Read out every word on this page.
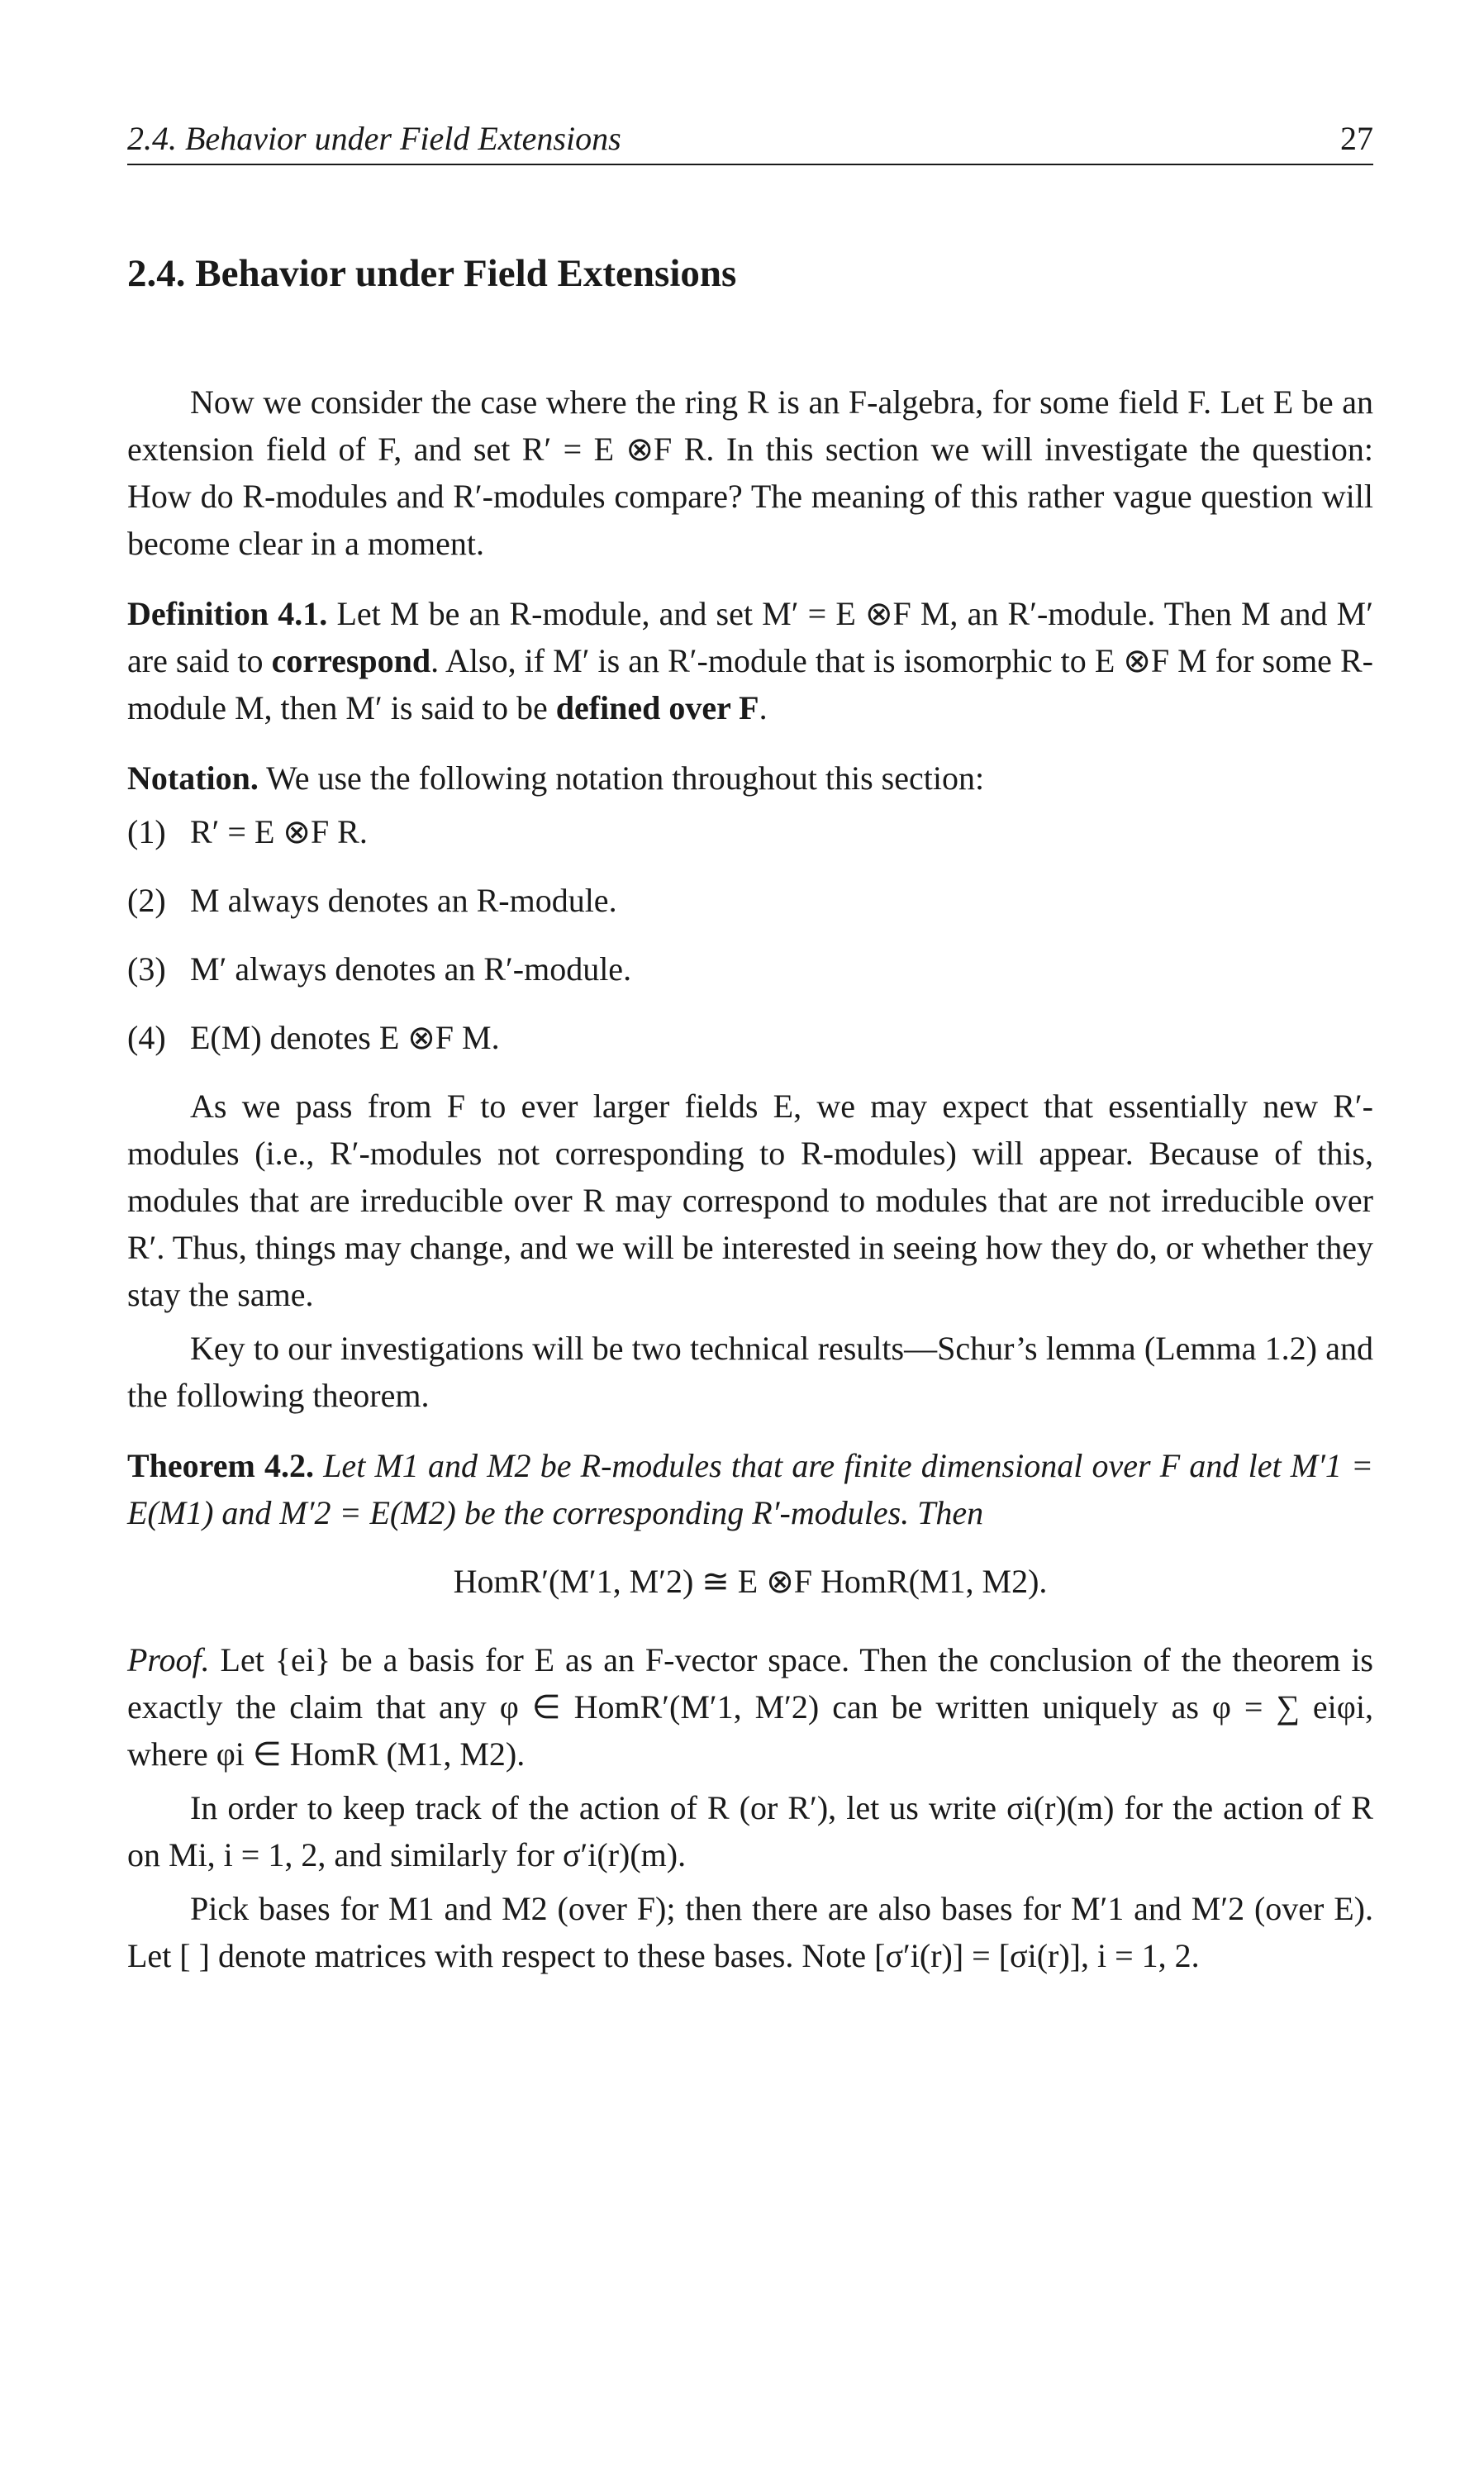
2.4. Behavior under Field Extensions	27
2.4. Behavior under Field Extensions

Now we consider the case where the ring R is an F-algebra, for some field F. Let E be an extension field of F, and set R′ = E ⊗F R. In this section we will investigate the question: How do R-modules and R′-modules compare? The meaning of this rather vague question will become clear in a moment.

Definition 4.1. Let M be an R-module, and set M′ = E ⊗F M, an R′-module. Then M and M′ are said to correspond. Also, if M′ is an R′-module that is isomorphic to E ⊗F M for some R-module M, then M′ is said to be defined over F.

Notation. We use the following notation throughout this section:

(1) R′ = E ⊗F R.
(2) M always denotes an R-module.
(3) M′ always denotes an R′-module.
(4) E(M) denotes E ⊗F M.

As we pass from F to ever larger fields E, we may expect that essentially new R′-modules (i.e., R′-modules not corresponding to R-modules) will appear. Because of this, modules that are irreducible over R may correspond to modules that are not irreducible over R′. Thus, things may change, and we will be interested in seeing how they do, or whether they stay the same.

Key to our investigations will be two technical results—Schur’s lemma (Lemma 1.2) and the following theorem.

Theorem 4.2. Let M1 and M2 be R-modules that are finite dimensional over F and let M′1 = E(M1) and M′2 = E(M2) be the corresponding R′-modules. Then

HomR′(M′1, M′2) ≅ E ⊗F HomR(M1, M2).

Proof. Let {ei} be a basis for E as an F-vector space. Then the conclusion of the theorem is exactly the claim that any φ ∈ HomR′(M′1, M′2) can be written uniquely as φ = ∑ eiφi, where φi ∈ HomR (M1, M2).

In order to keep track of the action of R (or R′), let us write σi(r)(m) for the action of R on Mi, i = 1, 2, and similarly for σ′i(r)(m).

Pick bases for M1 and M2 (over F); then there are also bases for M′1 and M′2 (over E). Let [ ] denote matrices with respect to these bases. Note [σ′i(r)] = [σi(r)], i = 1, 2.
